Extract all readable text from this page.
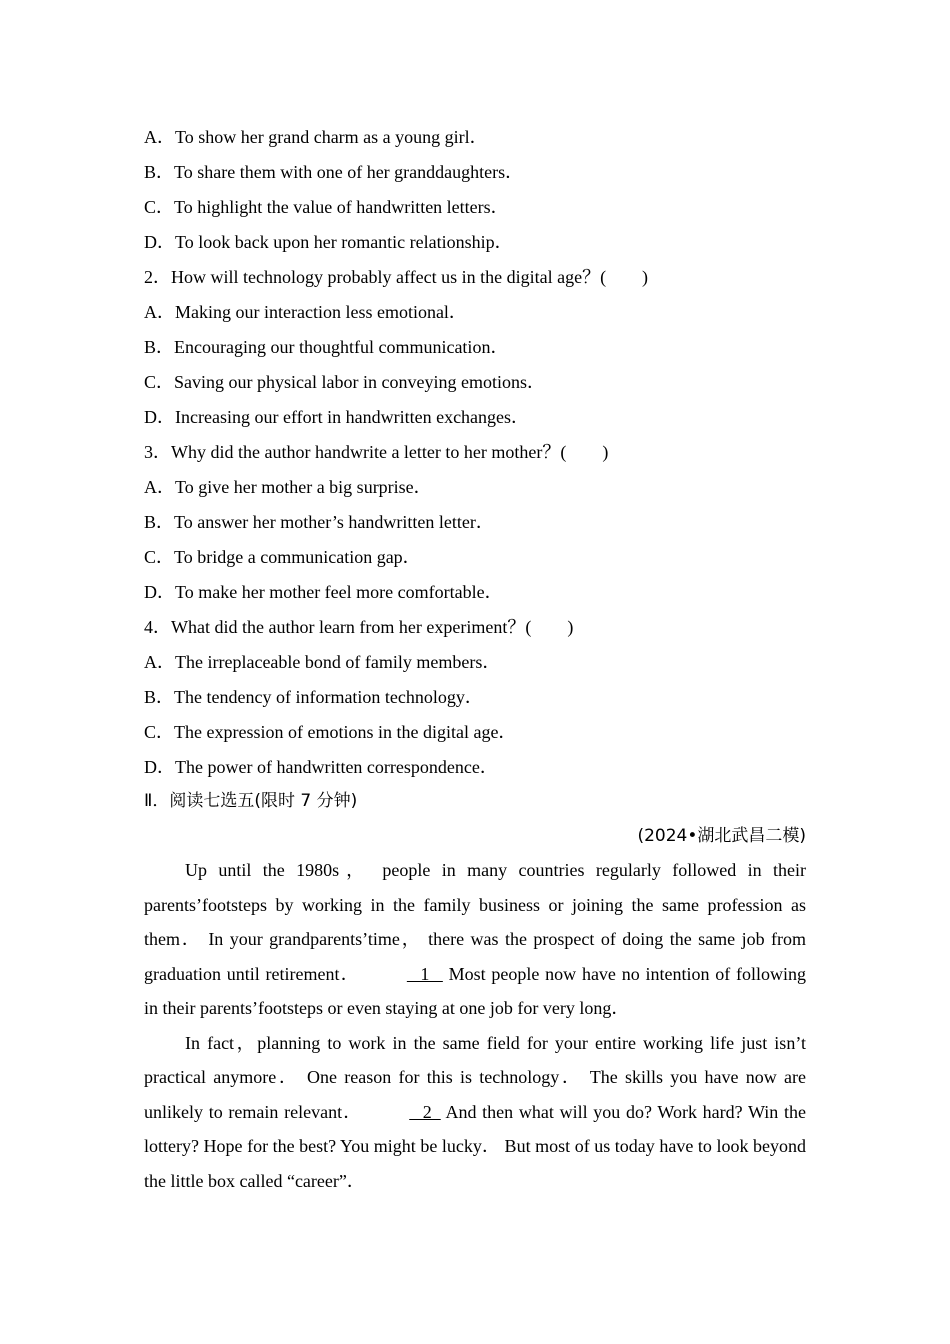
A．To show her grand charm as a young girl．
B．To share them with one of her granddaughters．
C．To highlight the value of handwritten letters．
D．To look back upon her romantic relationship．
2．How will technology probably affect us in the digital age？(　　)
A．Making our interaction less emotional．
B．Encouraging our thoughtful communication．
C．Saving our physical labor in conveying emotions．
D．Increasing our effort in handwritten exchanges．
3．Why did the author handwrite a letter to her mother？(　　)
A．To give her mother a big surprise．
B．To answer her mother’s handwritten letter．
C．To bridge a communication gap．
D．To make her mother feel more comfortable．
4．What did the author learn from her experiment？(　　)
A．The irreplaceable bond of family members．
B．The tendency of information technology．
C．The expression of emotions in the digital age．
D．The power of handwritten correspondence．
Ⅱ．阅读七选五(限时 7 分钟)
(2024•湖北武昌二模)

Up until the 1980s， people in many countries regularly followed in their parents’footsteps by working in the family business or joining the same profession as them． In your grandparents’time， there was the prospect of doing the same job from graduation until retirement．	1    Most people now have no intention of following in their parents’footsteps or even staying at one job for very long．

In fact，planning to work in the same field for your entire working life just isn’t practical anymore． One reason for this is technology． The skills you have now are unlikely to remain relevant．	2   And then what will you do? Work hard? Win the lottery? Hope for the best? You might be lucky． But most of us today have to look beyond the little box called “career”．
